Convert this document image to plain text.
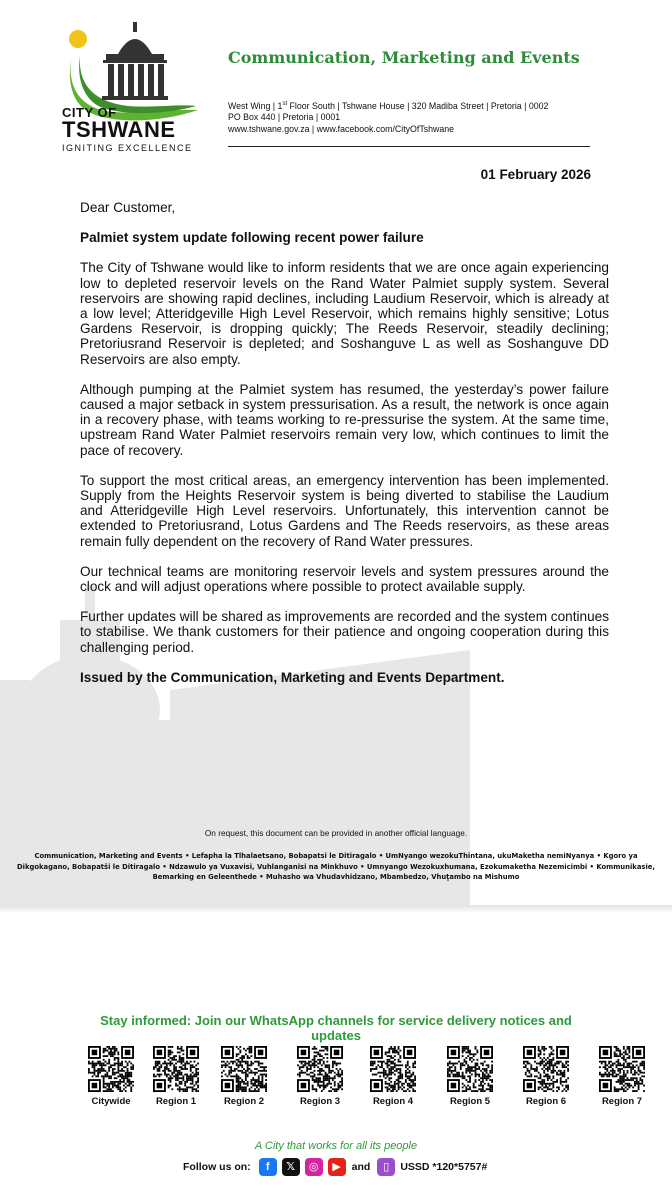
CITY OF
TSHWANE
IGNITING EXCELLENCE
Communication, Marketing and Events
West Wing | 1st Floor South | Tshwane House | 320 Madiba Street | Pretoria | 0002
PO Box 440 | Pretoria | 0001
www.tshwane.gov.za | www.facebook.com/CityOfTshwane
01 February 2026

Dear Customer,

Palmiet system update following recent power failure

The City of Tshwane would like to inform residents that we are once again experiencing low to depleted reservoir levels on the Rand Water Palmiet supply system. Several reservoirs are showing rapid declines, including Laudium Reservoir, which is already at a low level; Atteridgeville High Level Reservoir, which remains highly sensitive; Lotus Gardens Reservoir, is dropping quickly; The Reeds Reservoir, steadily declining; Pretoriusrand Reservoir is depleted; and Soshanguve L as well as Soshanguve DD Reservoirs are also empty.

Although pumping at the Palmiet system has resumed, the yesterday’s power failure caused a major setback in system pressurisation. As a result, the network is once again in a recovery phase, with teams working to re-pressurise the system. At the same time, upstream Rand Water Palmiet reservoirs remain very low, which continues to limit the pace of recovery.

To support the most critical areas, an emergency intervention has been implemented. Supply from the Heights Reservoir system is being diverted to stabilise the Laudium and Atteridgeville High Level reservoirs. Unfortunately, this intervention cannot be extended to Pretoriusrand, Lotus Gardens and The Reeds reservoirs, as these areas remain fully dependent on the recovery of Rand Water pressures.

Our technical teams are monitoring reservoir levels and system pressures around the clock and will adjust operations where possible to protect available supply.

Further updates will be shared as improvements are recorded and the system continues to stabilise. We thank customers for their patience and ongoing cooperation during this challenging period.

Issued by the Communication, Marketing and Events Department.

On request, this document can be provided in another official language.
Communication, Marketing and Events • Lefapha la Tlhalaetsano, Bobapatsi le Ditiragalo • UmNyango wezokuThintana, ukuMaketha nemiNyanya • Kgoro ya Dikgokagano, Bobapatši le Ditiragalo • Ndzawulo ya Vuxavisi, Vuhlanganisi na Minkhuvo • Umnyango Wezokuxhumana, Ezokumaketha Nezemicimbi • Kommunikasie, Bemarking en Geleenthede • Muhasho wa Vhudavhidzano, Mbambedzo, Vhuṱambo na Mishumo
Stay informed: Join our WhatsApp channels for service delivery notices and updates
Citywide	Region 1	Region 2	Region 3	Region 4	Region 5	Region 6	Region 7
A City that works for all its people
Follow us on:	f	𝕏	◎	▶	and	▯	USSD *120*5757#
